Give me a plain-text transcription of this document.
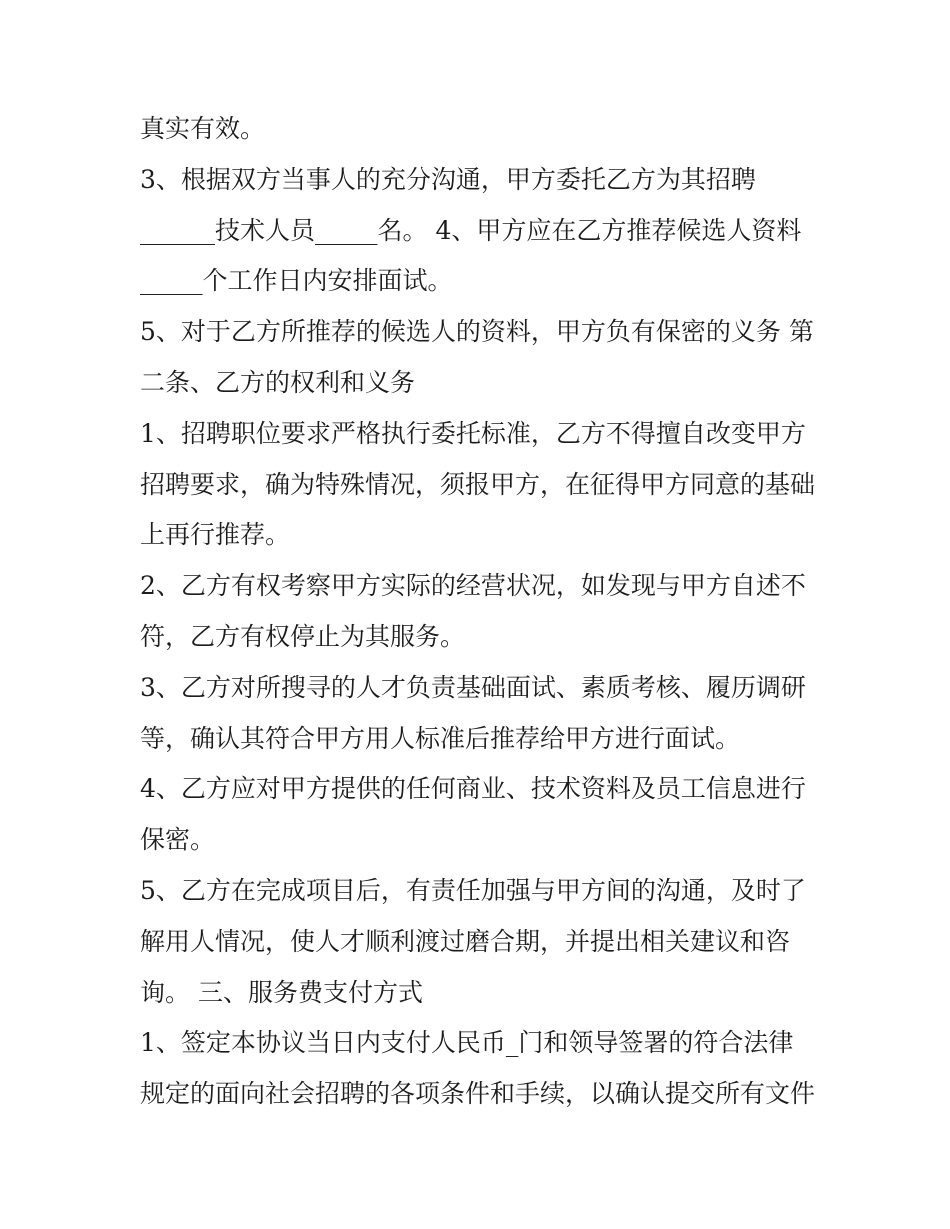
真实有效。
3、根据双方当事人的充分沟通，甲方委托乙方为其招聘
______技术人员_____名。 4、甲方应在乙方推荐候选人资料
_____个工作日内安排面试。
5、对于乙方所推荐的候选人的资料，甲方负有保密的义务 第
二条、乙方的权利和义务
1、招聘职位要求严格执行委托标准，乙方不得擅自改变甲方
招聘要求，确为特殊情况，须报甲方，在征得甲方同意的基础
上再行推荐。
2、乙方有权考察甲方实际的经营状况，如发现与甲方自述不
符，乙方有权停止为其服务。
3、乙方对所搜寻的人才负责基础面试、素质考核、履历调研
等，确认其符合甲方用人标准后推荐给甲方进行面试。
4、乙方应对甲方提供的任何商业、技术资料及员工信息进行
保密。
5、乙方在完成项目后，有责任加强与甲方间的沟通，及时了
解用人情况，使人才顺利渡过磨合期，并提出相关建议和咨
询。 三、服务费支付方式
1、签定本协议当日内支付人民币_门和领导签署的符合法律
规定的面向社会招聘的各项条件和手续，以确认提交所有文件
